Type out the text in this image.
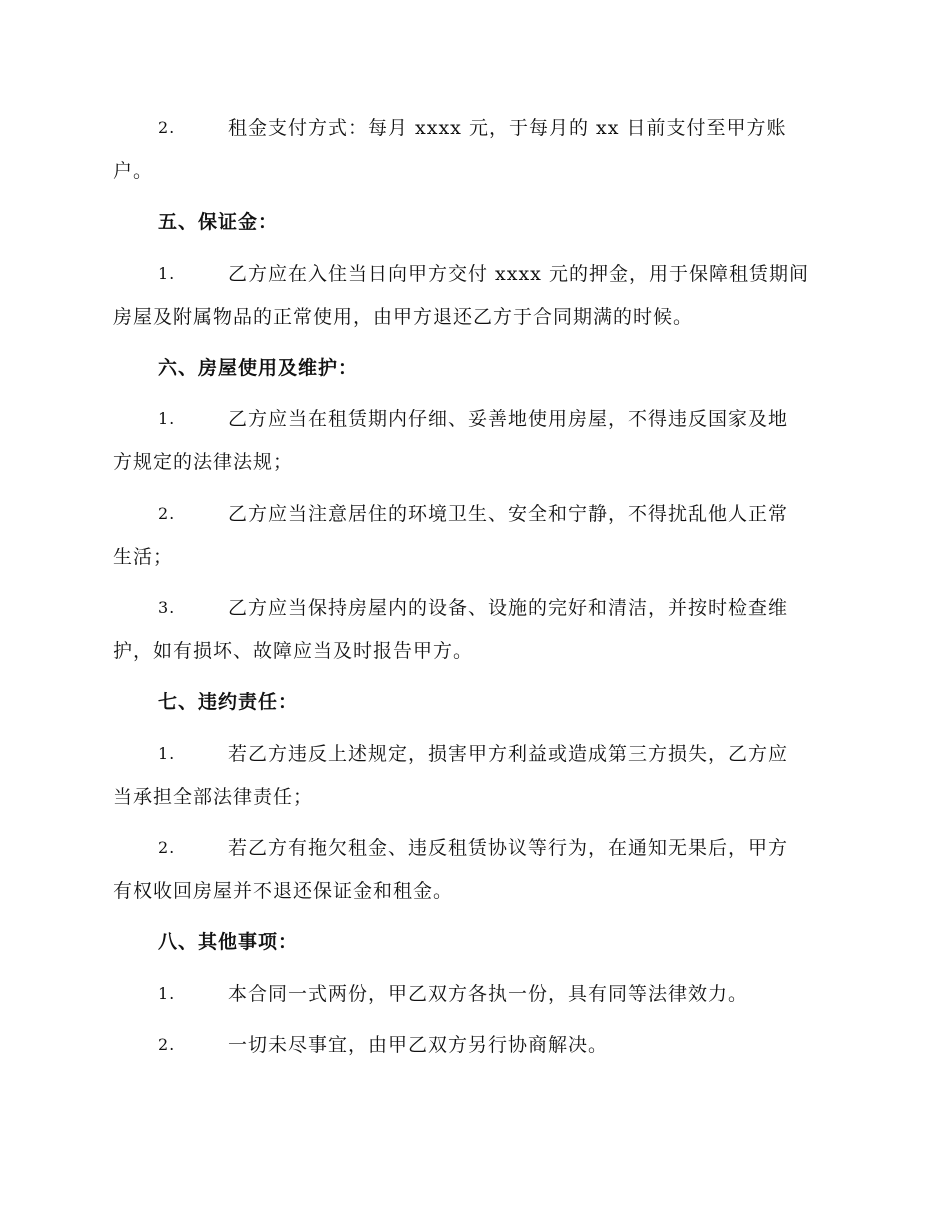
2.	租金支付方式：每月 xxxx 元，于每月的 xx 日前支付至甲方账
户。
五、保证金：
1.	乙方应在入住当日向甲方交付 xxxx 元的押金，用于保障租赁期间
房屋及附属物品的正常使用，由甲方退还乙方于合同期满的时候。
六、房屋使用及维护：
1.	乙方应当在租赁期内仔细、妥善地使用房屋，不得违反国家及地
方规定的法律法规；
2.	乙方应当注意居住的环境卫生、安全和宁静，不得扰乱他人正常
生活；
3.	乙方应当保持房屋内的设备、设施的完好和清洁，并按时检查维
护，如有损坏、故障应当及时报告甲方。
七、违约责任：
1.	若乙方违反上述规定，损害甲方利益或造成第三方损失，乙方应
当承担全部法律责任；
2.	若乙方有拖欠租金、违反租赁协议等行为，在通知无果后，甲方
有权收回房屋并不退还保证金和租金。
八、其他事项：
1.	本合同一式两份，甲乙双方各执一份，具有同等法律效力。
2.	一切未尽事宜，由甲乙双方另行协商解决。
